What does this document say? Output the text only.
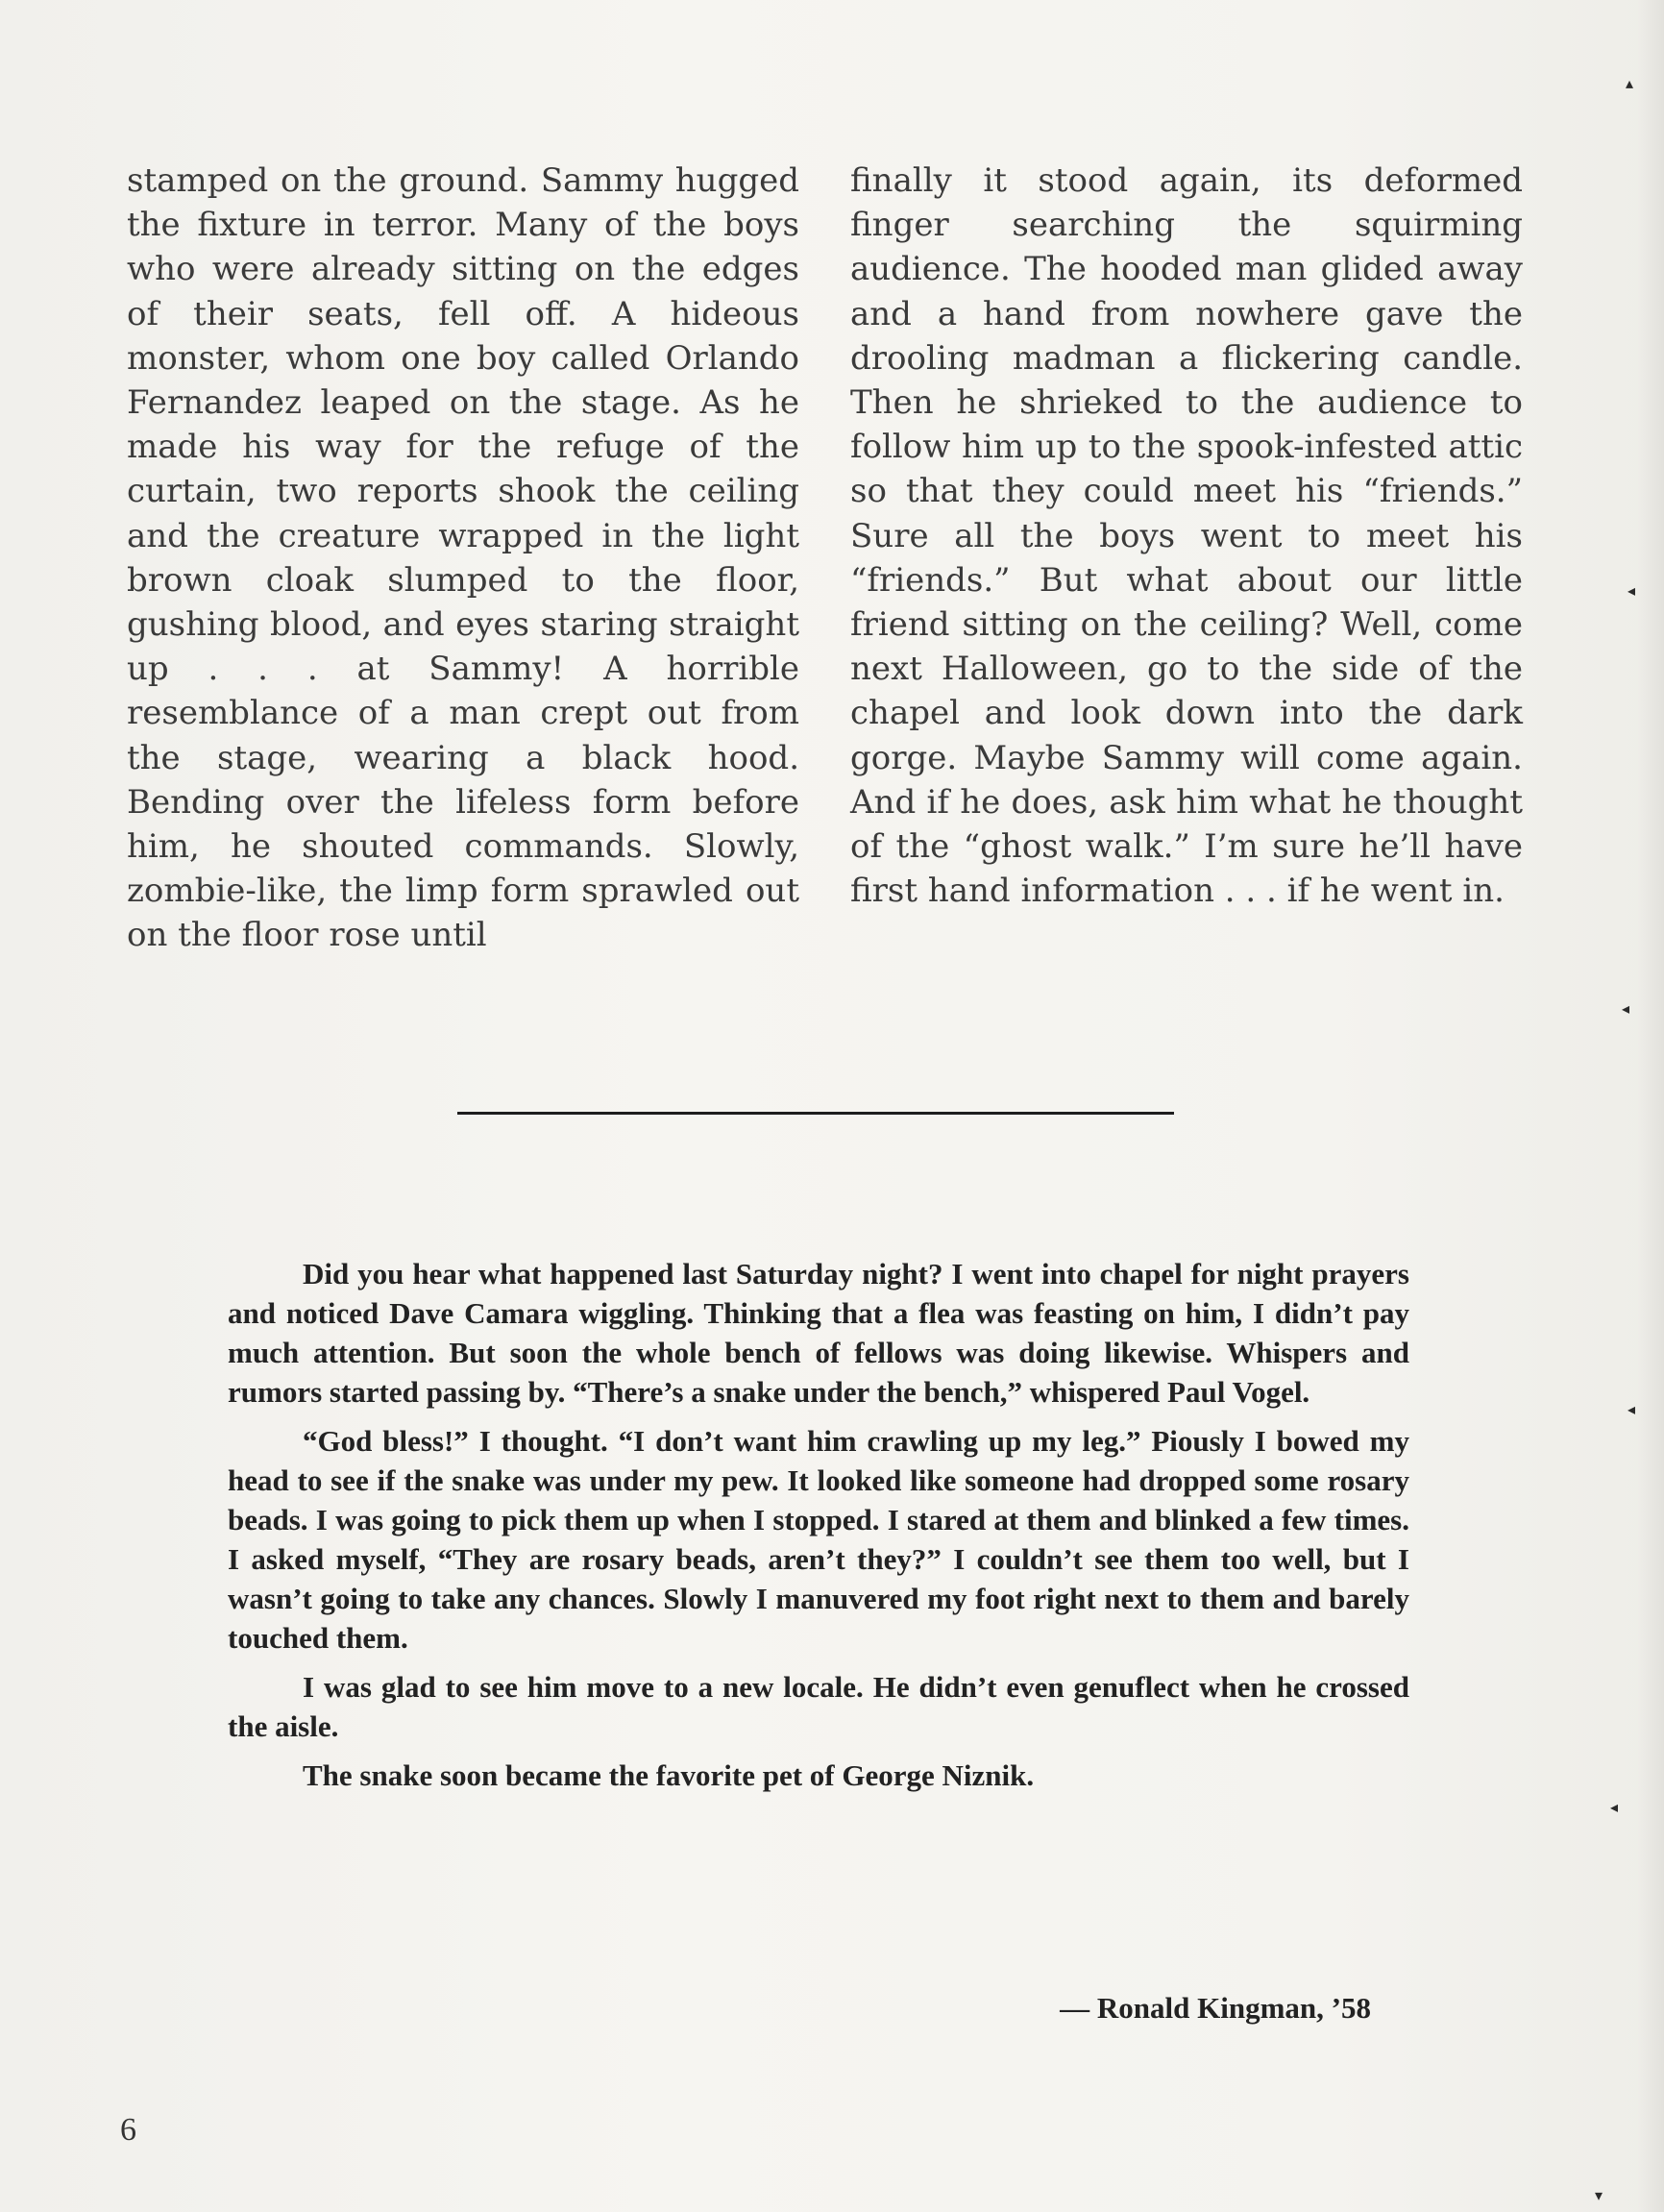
stamped on the ground. Sammy hugged the fixture in terror. Many of the boys who were already sitting on the edges of their seats, fell off. A hideous monster, whom one boy called Orlando Fernandez leaped on the stage. As he made his way for the refuge of the curtain, two reports shook the ceiling and the creature wrapped in the light brown cloak slumped to the floor, gushing blood, and eyes staring straight up . . . at Sammy! A horrible resemblance of a man crept out from the stage, wearing a black hood. Bending over the lifeless form before him, he shouted commands. Slowly, zombie-like, the limp form sprawled out on the floor rose until

finally it stood again, its deformed finger searching the squirming audience. The hooded man glided away and a hand from nowhere gave the drooling madman a flickering candle. Then he shrieked to the audience to follow him up to the spook-infested attic so that they could meet his “friends.” Sure all the boys went to meet his “friends.” But what about our little friend sitting on the ceiling? Well, come next Halloween, go to the side of the chapel and look down into the dark gorge. Maybe Sammy will come again. And if he does, ask him what he thought of the “ghost walk.” I’m sure he’ll have first hand information . . . if he went in.

Did you hear what happened last Saturday night? I went into chapel for night prayers and noticed Dave Camara wiggling. Thinking that a flea was feasting on him, I didn’t pay much attention. But soon the whole bench of fellows was doing likewise. Whispers and rumors started passing by. “There’s a snake under the bench,” whispered Paul Vogel.

“God bless!” I thought. “I don’t want him crawling up my leg.” Piously I bowed my head to see if the snake was under my pew. It looked like someone had dropped some rosary beads. I was going to pick them up when I stopped. I stared at them and blinked a few times. I asked myself, “They are rosary beads, aren’t they?” I couldn’t see them too well, but I wasn’t going to take any chances. Slowly I manuvered my foot right next to them and barely touched them.

I was glad to see him move to a new locale. He didn’t even genuflect when he crossed the aisle.

The snake soon became the favorite pet of George Niznik.

— Ronald Kingman, ’58
6
▴
◂
◂
◂
◂
▾
